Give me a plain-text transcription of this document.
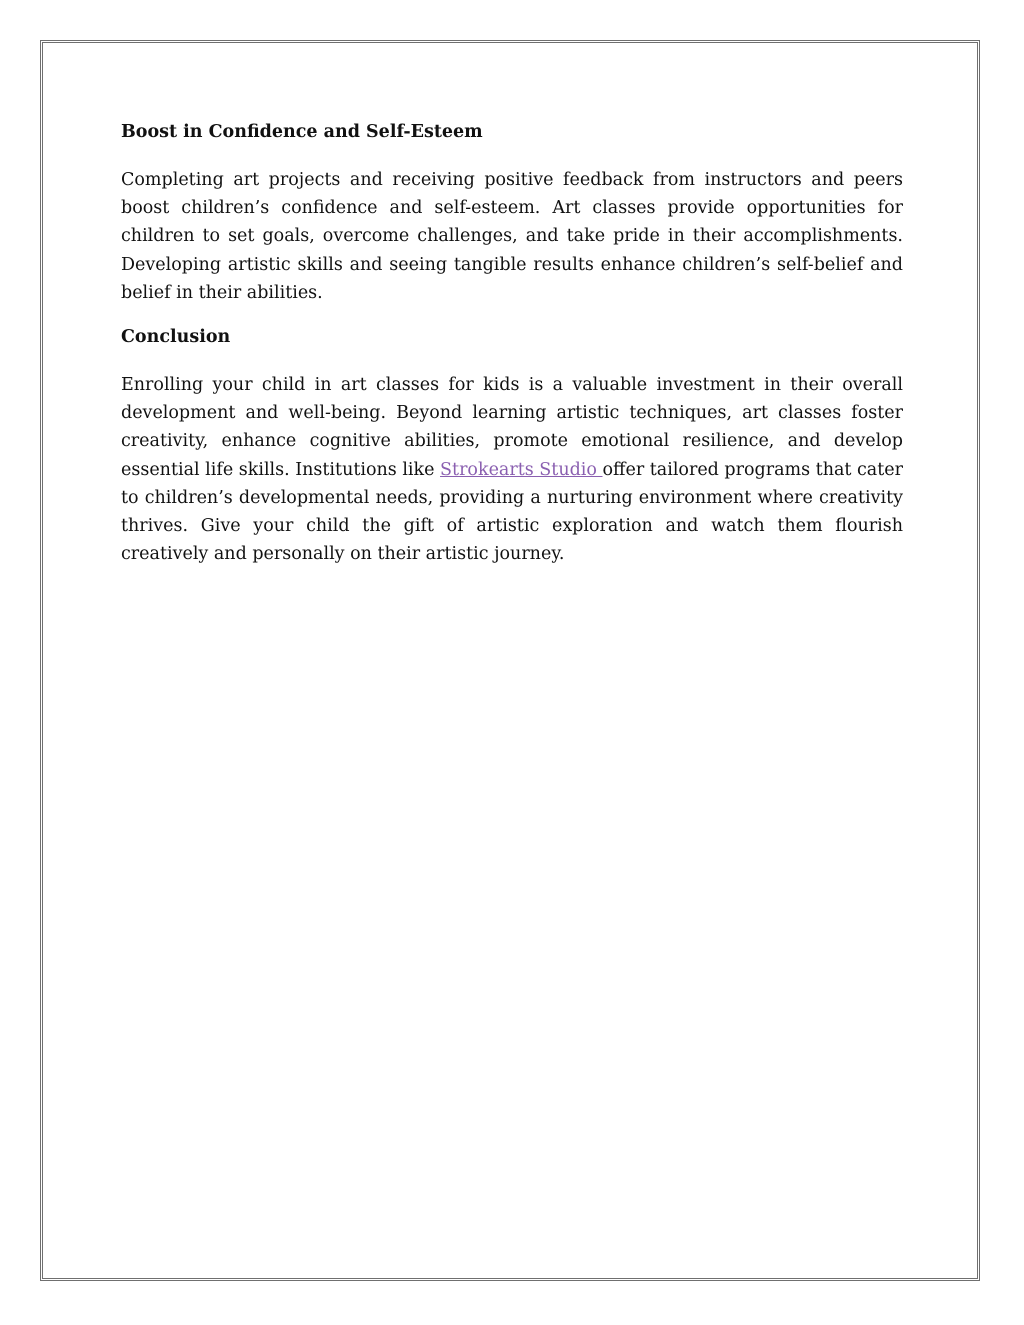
Boost in Confidence and Self-Esteem

Completing art projects and receiving positive feedback from instructors and peers boost children’s confidence and self-esteem. Art classes provide opportunities for children to set goals, overcome challenges, and take pride in their accomplishments. Developing artistic skills and seeing tangible results enhance children’s self-belief and belief in their abilities.

Conclusion

Enrolling your child in art classes for kids is a valuable investment in their overall development and well-being. Beyond learning artistic techniques, art classes foster creativity, enhance cognitive abilities, promote emotional resilience, and develop essential life skills. Institutions like Strokearts Studio offer tailored programs that cater to children’s developmental needs, providing a nurturing environment where creativity thrives. Give your child the gift of artistic exploration and watch them flourish creatively and personally on their artistic journey.
